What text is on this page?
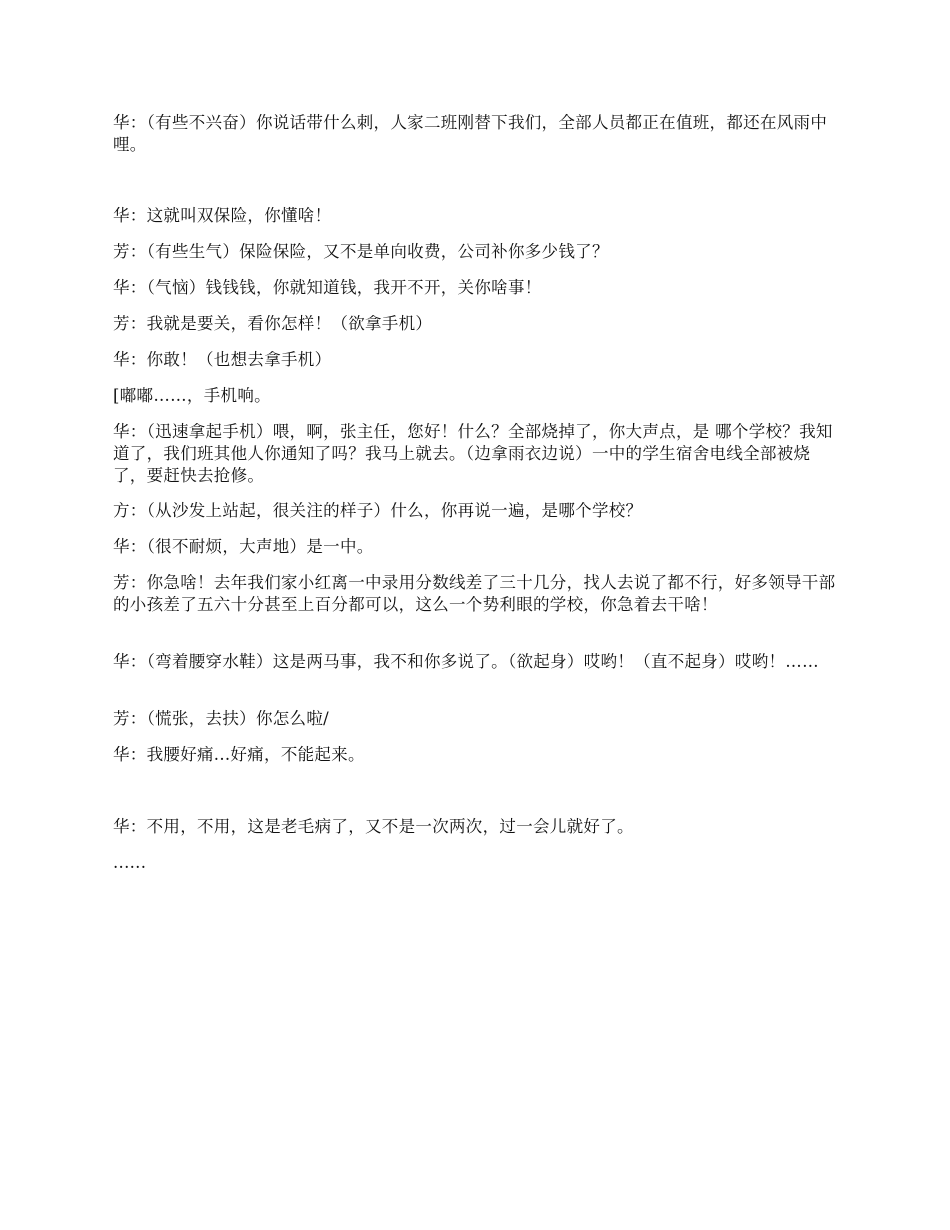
华：（有些不兴奋）你说话带什么刺，人家二班刚替下我们，全部人员都正在值班，都还在风雨中哩。

华：这就叫双保险，你懂啥！

芳：（有些生气）保险保险，又不是单向收费，公司补你多少钱了？

华：（气恼）钱钱钱，你就知道钱，我开不开，关你啥事！

芳：我就是要关，看你怎样！（欲拿手机）

华：你敢！（也想去拿手机）

[嘟嘟……，手机响。

华：（迅速拿起手机）喂，啊，张主任，您好！什么？全部烧掉了，你大声点，是 哪个学校？我知道了，我们班其他人你通知了吗？我马上就去。（边拿雨衣边说）一中的学生宿舍电线全部被烧了，要赶快去抢修。

方：（从沙发上站起，很关注的样子）什么，你再说一遍，是哪个学校？

华：（很不耐烦，大声地）是一中。

芳：你急啥！去年我们家小红离一中录用分数线差了三十几分，找人去说了都不行，好多领导干部的小孩差了五六十分甚至上百分都可以，这么一个势利眼的学校，你急着去干啥！

华：（弯着腰穿水鞋）这是两马事，我不和你多说了。（欲起身）哎哟！（直不起身）哎哟！……

芳：（慌张，去扶）你怎么啦/

华：我腰好痛...好痛，不能起来。

华：不用，不用，这是老毛病了，又不是一次两次，过一会儿就好了。

......
